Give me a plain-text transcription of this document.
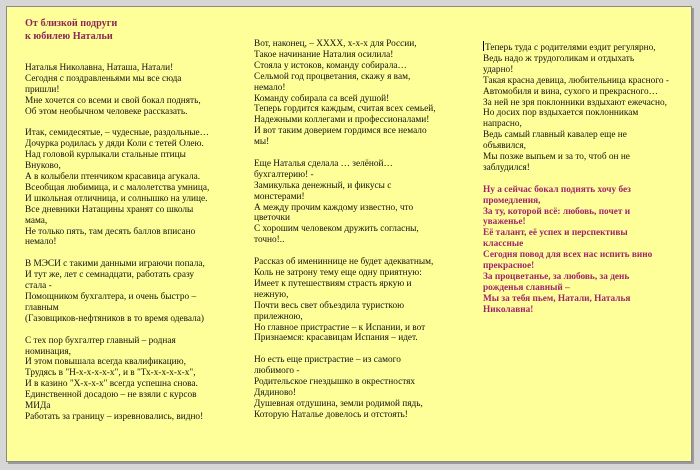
От близкой подруги
к юбилею Натальи
Наталья Николавна, Наташа, Натали!
Сегодня с поздравленьями мы все сюда
пришли!
Мне хочется со всеми и свой бокал поднять,
Об этом необычном человеке рассказать.
Итак, семидесятые, – чудесные, раздольные…
Дочурка родилась у дяди Коли с тетей Олею.
Над головой курлыкали стальные птицы
Внуково,
А в колыбели птенчиком красавица агукала.
Всеобщая любимица, и с малолетства умница,
И школьная отличница, и солнышко на улице.
Все дневники Натащины хранят со школы
мама,
Не только пять, там десять баллов вписано
немало!
В МЭСИ с такими данными играючи попала,
И тут же, лет с семнадцати, работать сразу
стала -
Помощником бухгалтера, и очень быстро –
главным
(Газовщиков-нефтяников в то время одевала)
С тех пор бухгалтер главный – родная
номинация,
И этом повышала всегда квалификацию,
Трудясь в "Н-х-х-х-х-х", и в "Тх-х-х-х-х-х",
И в казино "Х-х-х-х" всегда успешна снова.
Единственной досадою – не взяли с курсов
МИДа
Работать за границу – изревновались, видно!
Вот, наконец, – XXXX, х-х-х для России,
Такое начинание Наталия осилила!
Стояла у истоков, команду собирала…
Сельмой год процветания, скажу я вам,
немало!
Команду собирала са всей душой!
Теперь гордится каждым, считая всех семьей,
Надежными коллегами и профессионалами!
И вот таким доверием гордимся все немало
мы!
Еще Наталья сделала … зелёной…
бухгалтерию! -
Замикулька денежный, и фикусы с
монстерами!
А между прочим каждому известно, что
цветочки
С хорошим человеком дружить согласны,
точно!..
Рассказ об имениннице не будет адекватным,
Коль не затрону тему еще одну приятную:
Имеет к путешествиям страсть яркую и
нежную,
Почти весь свет объездила туристкою
прилежною,
Но главное пристрастие – к Испании, и вот
Признаемся: красавицам Испания – идет.
Но есть еще пристрастие – из самого
любимого -
Родительское гнездышко в окрестностях
Дядиново!
Душевная отдушина, земли родимой пядь,
Которую Наталье довелось и отстоять!
Теперь туда с родителями ездит регулярно,
Ведь надо ж трудоголикам и отдыхать
ударно!
Такая красна девица, любительница красного -
Автомобиля и вина, сухого и прекрасного…
За ней не зря поклонники вздыхают ежечасно,
Но досих пор вздыхается поклонникам
напрасно,
Ведь самый главный кавалер еще не
объявился,
Мы позже выпьем и за то, чтоб он не
заблудился!
Ну а сейчас бокал поднять хочу без
промедления,
За ту, которой всё: любовь, почет и
уваженье!
Её талант, её успех и перспективы
классные
Сегодня повод для всех нас испить вино
прекрасное!
За процветанье, за любовь, за день
рожденья славный –
Мы за тебя пьем, Натали, Наталья
Николавна!
